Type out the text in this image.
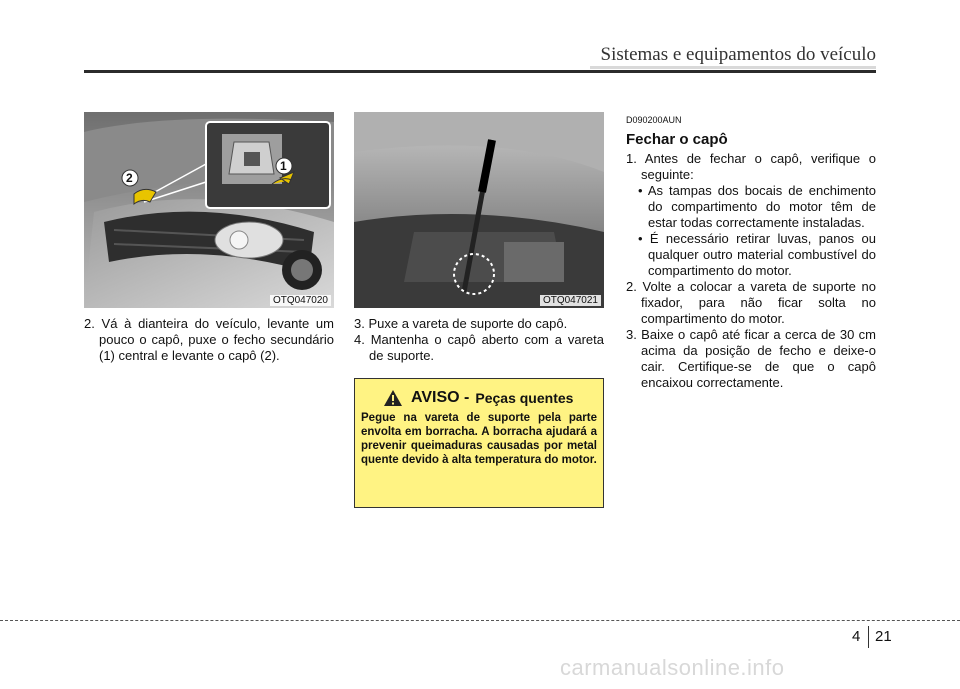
Sistemas e equipamentos do veículo
1
2
OTQ047020	OTQ047021

2. Vá à dianteira do veículo, levante um pouco o capô, puxe o fecho secundário (1) central e levante o capô (2).

3. Puxe a vareta de suporte do capô.

4. Mantenha o capô aberto com a vareta de suporte.

AVISO - Peças quentes
Pegue na vareta de suporte pela parte envolta em borracha. A borracha ajudará a prevenir queimaduras causadas por metal quente devido à alta temperatura do motor.
D090200AUN
Fechar o capô

1. Antes de fechar o capô, verifique o seguinte:

• As tampas dos bocais de enchimento do compartimento do motor têm de estar todas correctamente instaladas.

• É necessário retirar luvas, panos ou qualquer outro material combustível do compartimento do motor.

2. Volte a colocar a vareta de suporte no fixador, para não ficar solta no compartimento do motor.

3. Baixe o capô até ficar a cerca de 30 cm acima da posição de fecho e deixe-o cair. Certifique-se de que o capô encaixou correctamente.

4 21
carmanualsonline.info
